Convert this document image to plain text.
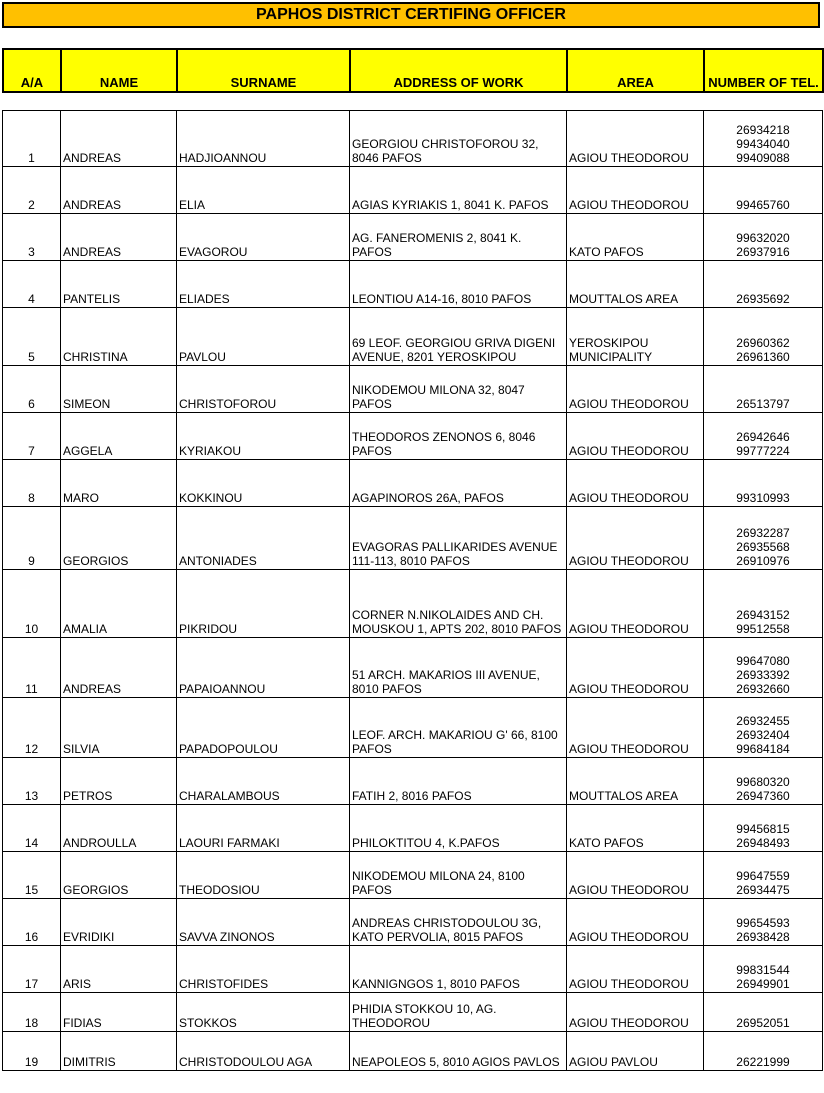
PAPHOS DISTRICT CERTIFING OFFICER
A/A	NAME	SURNAME	ADDRESS OF WORK	AREA	NUMBER OF TEL.
1	ANDREAS	HADJIOANNOU	GEORGIOU CHRISTOFOROU 32, 8046 PAFOS	AGIOU THEODOROU	26934218
99434040
99409088
2	ANDREAS	ELIA	AGIAS KYRIAKIS 1, 8041 K. PAFOS	AGIOU THEODOROU	99465760
3	ANDREAS	EVAGOROU	AG. FANEROMENIS 2, 8041 K. PAFOS	KATO PAFOS	99632020
26937916
4	PANTELIS	ELIADES	LEONTIOU A14-16, 8010 PAFOS	MOUTTALOS AREA	26935692
5	CHRISTINA	PAVLOU	69 LEOF. GEORGIOU GRIVA DIGENI AVENUE, 8201 YEROSKIPOU	YEROSKIPOU MUNICIPALITY	26960362
26961360
6	SIMEON	CHRISTOFOROU	NIKODEMOU MILONA 32, 8047 PAFOS	AGIOU THEODOROU	26513797
7	AGGELA	KYRIAKOU	THEODOROS ZENONOS 6, 8046 PAFOS	AGIOU THEODOROU	26942646
99777224
8	MARO	KOKKINOU	AGAPINOROS 26A, PAFOS	AGIOU THEODOROU	99310993
9	GEORGIOS	ANTONIADES	EVAGORAS PALLIKARIDES AVENUE 111-113, 8010 PAFOS	AGIOU THEODOROU	26932287
26935568
26910976
10	AMALIA	PIKRIDOU	CORNER N.NIKOLAIDES AND CH. MOUSKOU 1, APTS 202, 8010 PAFOS	AGIOU THEODOROU	26943152
99512558
11	ANDREAS	PAPAIOANNOU	51 ARCH. MAKARIOS III AVENUE, 8010 PAFOS	AGIOU THEODOROU	99647080
26933392
26932660
12	SILVIA	PAPADOPOULOU	LEOF. ARCH. MAKARIOU G' 66, 8100 PAFOS	AGIOU THEODOROU	26932455
26932404
99684184
13	PETROS	CHARALAMBOUS	FATIH 2, 8016 PAFOS	MOUTTALOS AREA	99680320
26947360
14	ANDROULLA	LAOURI FARMAKI	PHILOKTITOU 4, K.PAFOS	KATO PAFOS	99456815
26948493
15	GEORGIOS	THEODOSIOU	NIKODEMOU MILONA 24, 8100 PAFOS	AGIOU THEODOROU	99647559
26934475
16	EVRIDIKI	SAVVA ZINONOS	ANDREAS CHRISTODOULOU 3G, KATO PERVOLIA, 8015 PAFOS	AGIOU THEODOROU	99654593
26938428
17	ARIS	CHRISTOFIDES	KANNIGNGOS 1, 8010 PAFOS	AGIOU THEODOROU	99831544
26949901
18	FIDIAS	STOKKOS	PHIDIA STOKKOU 10, AG. THEODOROU	AGIOU THEODOROU	26952051
19	DIMITRIS	CHRISTODOULOU AGA	NEAPOLEOS 5, 8010 AGIOS PAVLOS	AGIOU PAVLOU	26221999
